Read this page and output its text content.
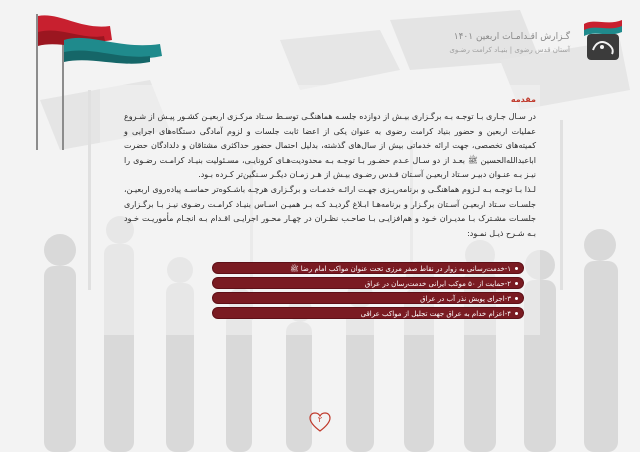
گـزارش اقـدامـات اربعین ۱۴۰۱
آستان قدس رضوی | بنیـاد کرامت رضـوی
مقدمه

در سـال جـاری بـا توجـه بـه برگـزاری بیـش از دوازده جلسـه هماهنگـی توسـط سـتاد مرکـزی اربعیـن کشـور پیـش از شـروع عملیات اربعین و حضور بنیاد کرامت رضوی به عنوان یکی از اعضا ثابت جلسات و لزوم آمادگی دستگاه‌های اجرایی و کمیته‌های تخصصی، جهت ارائه خدماتی بیش از سال‌های گذشته، بدلیل احتمال حضور حداکثری مشتاقان و دلدادگان حضرت اباعبدالله‌الحسین ﷺ بعـد از دو سـال عـدم حضـور بـا توجـه بـه محدودیت‌هـای کرونایـی، مسـئولیت بنیـاد کرامـت رضـوی را نیـز بـه عنـوان دبیـر سـتاد اربعیـن آسـتان قـدس رضـوی بیـش از هـر زمـان دیگـر سـنگین‌تر کـرده بـود.

لـذا بـا توجـه بـه لـزوم هماهنگـی و برنامه‌ریـزی جهـت ارائـه خدمـات و برگـزاری هرچـه باشـکوه‌تر حماسـه پیاده‌روی اربعیـن، جلسـات سـتاد اربعیـن آسـتان برگـزار و برنامه‌هـا ابـلاغ گردیـد کـه بـر همیـن اسـاس بنیـاد کرامـت رضـوی نیـز بـا برگـزاری جلسـات مشـترک بـا مدیـران خـود و هم‌افزایـی بـا صاحـب نظـران در چهـار محـور اجرایـی اقـدام بـه انجـام مأموریـت خـود بـه شـرح ذیـل نمـود:

۱-خدمت‌رسانی به زوار در نقاط صفر مرزی تحت عنوان مواکب امام رضا ﷺ
۲-حمایت از ۵۰ موکب ایرانی خدمت‌رسان در عراق
۳-اجرای پویش نذر آب در عراق
۴-اعزام خدام به عراق جهت تجلیل از مواکب عراقی
۲
